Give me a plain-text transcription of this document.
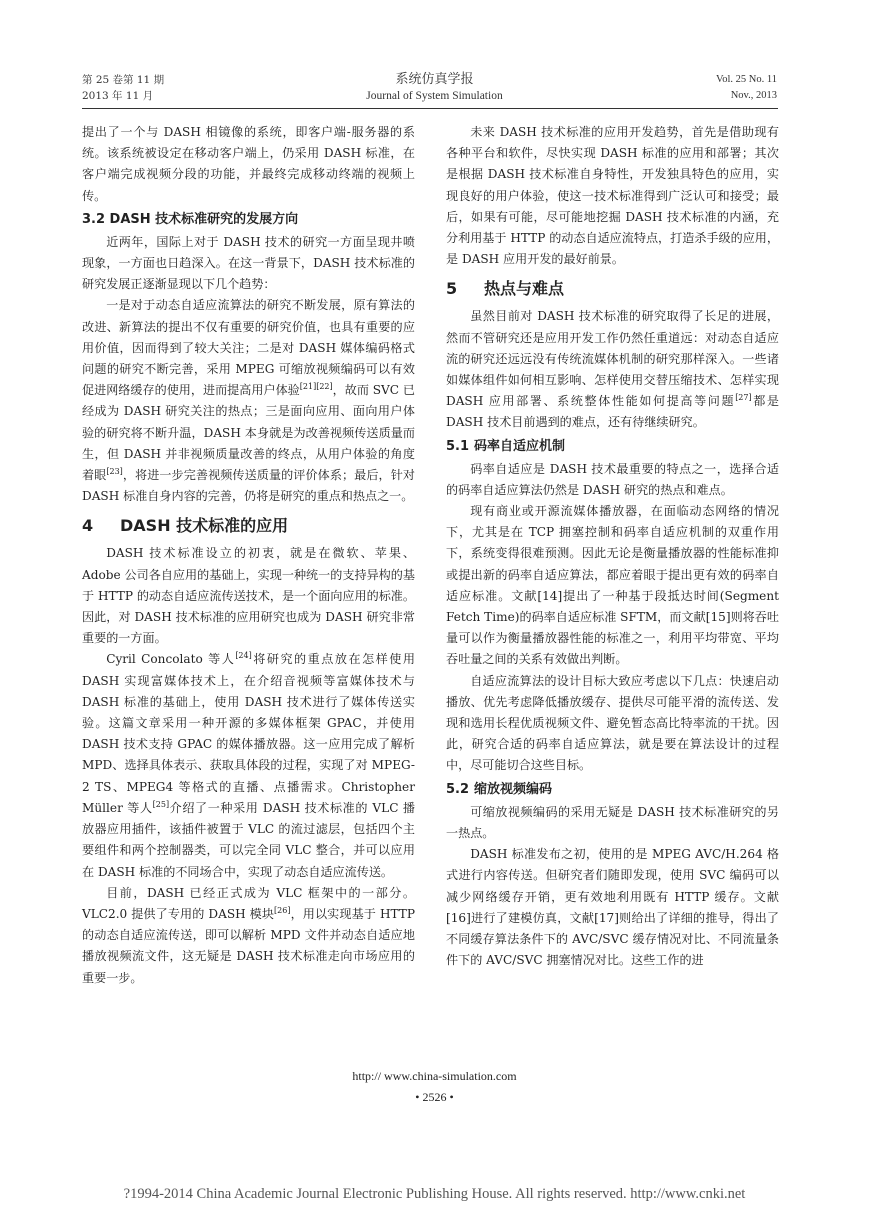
第 25 卷第 11 期
2013 年 11 月
系统仿真学报
Journal of System Simulation
Vol. 25 No. 11
Nov., 2013

提出了一个与 DASH 相镜像的系统，即客户端-服务器的系统。该系统被设定在移动客户端上，仍采用 DASH 标准，在客户端完成视频分段的功能，并最终完成移动终端的视频上传。

3.2 DASH 技术标准研究的发展方向

近两年，国际上对于 DASH 技术的研究一方面呈现井喷现象，一方面也日趋深入。在这一背景下，DASH 技术标准的研究发展正逐渐显现以下几个趋势：

一是对于动态自适应流算法的研究不断发展，原有算法的改进、新算法的提出不仅有重要的研究价值，也具有重要的应用价值，因而得到了较大关注；二是对 DASH 媒体编码格式问题的研究不断完善，采用 MPEG 可缩放视频编码可以有效促进网络缓存的使用，进而提高用户体验[21][22]，故而 SVC 已经成为 DASH 研究关注的热点；三是面向应用、面向用户体验的研究将不断升温，DASH 本身就是为改善视频传送质量而生，但 DASH 并非视频质量改善的终点，从用户体验的角度着眼[23]，将进一步完善视频传送质量的评价体系；最后，针对 DASH 标准自身内容的完善，仍将是研究的重点和热点之一。

4 DASH 技术标准的应用

DASH 技术标准设立的初衷，就是在微软、苹果、Adobe 公司各自应用的基础上，实现一种统一的支持异构的基于 HTTP 的动态自适应流传送技术，是一个面向应用的标准。因此，对 DASH 技术标准的应用研究也成为 DASH 研究非常重要的一方面。

Cyril Concolato 等人[24]将研究的重点放在怎样使用 DASH 实现富媒体技术上，在介绍音视频等富媒体技术与 DASH 标准的基础上，使用 DASH 技术进行了媒体传送实验。这篇文章采用一种开源的多媒体框架 GPAC，并使用 DASH 技术支持 GPAC 的媒体播放器。这一应用完成了解析 MPD、选择具体表示、获取具体段的过程，实现了对 MPEG-2 TS、MPEG4 等格式的直播、点播需求。Christopher Müller 等人[25]介绍了一种采用 DASH 技术标准的 VLC 播放器应用插件，该插件被置于 VLC 的流过滤层，包括四个主要组件和两个控制器类，可以完全同 VLC 整合，并可以应用在 DASH 标准的不同场合中，实现了动态自适应流传送。

目前，DASH 已经正式成为 VLC 框架中的一部分。VLC2.0 提供了专用的 DASH 模块[26]，用以实现基于 HTTP 的动态自适应流传送，即可以解析 MPD 文件并动态自适应地播放视频流文件，这无疑是 DASH 技术标准走向市场应用的重要一步。

未来 DASH 技术标准的应用开发趋势，首先是借助现有各种平台和软件，尽快实现 DASH 标准的应用和部署；其次是根据 DASH 技术标准自身特性，开发独具特色的应用，实现良好的用户体验，使这一技术标准得到广泛认可和接受；最后，如果有可能，尽可能地挖掘 DASH 技术标准的内涵，充分利用基于 HTTP 的动态自适应流特点，打造杀手级的应用，是 DASH 应用开发的最好前景。

5 热点与难点

虽然目前对 DASH 技术标准的研究取得了长足的进展，然而不管研究还是应用开发工作仍然任重道远：对动态自适应流的研究还远远没有传统流媒体机制的研究那样深入。一些诸如媒体组件如何相互影响、怎样使用交替压缩技术、怎样实现 DASH 应用部署、系统整体性能如何提高等问题[27]都是 DASH 技术目前遇到的难点，还有待继续研究。

5.1 码率自适应机制

码率自适应是 DASH 技术最重要的特点之一，选择合适的码率自适应算法仍然是 DASH 研究的热点和难点。

现有商业或开源流媒体播放器，在面临动态网络的情况下，尤其是在 TCP 拥塞控制和码率自适应机制的双重作用下，系统变得很难预测。因此无论是衡量播放器的性能标准抑或提出新的码率自适应算法，都应着眼于提出更有效的码率自适应标准。文献[14]提出了一种基于段抵达时间(Segment Fetch Time)的码率自适应标准 SFTM，而文献[15]则将吞吐量可以作为衡量播放器性能的标准之一，利用平均带宽、平均吞吐量之间的关系有效做出判断。

自适应流算法的设计目标大致应考虑以下几点：快速启动播放、优先考虑降低播放缓存、提供尽可能平滑的流传送、发现和选用长程优质视频文件、避免暂态高比特率流的干扰。因此，研究合适的码率自适应算法，就是要在算法设计的过程中，尽可能切合这些目标。

5.2 缩放视频编码

可缩放视频编码的采用无疑是 DASH 技术标准研究的另一热点。

DASH 标准发布之初，使用的是 MPEG AVC/H.264 格式进行内容传送。但研究者们随即发现，使用 SVC 编码可以减少网络缓存开销，更有效地利用既有 HTTP 缓存。文献[16]进行了建模仿真，文献[17]则给出了详细的推导，得出了不同缓存算法条件下的 AVC/SVC 缓存情况对比、不同流量条件下的 AVC/SVC 拥塞情况对比。这些工作的进

http:// www.china-simulation.com
• 2526 •
?1994-2014 China Academic Journal Electronic Publishing House. All rights reserved. http://www.cnki.net
